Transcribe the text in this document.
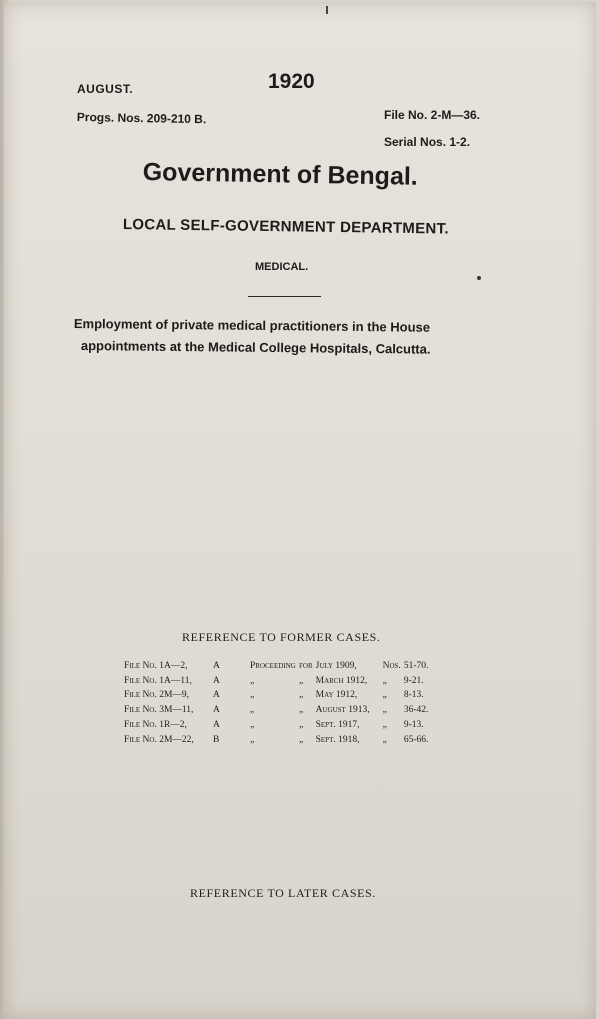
AUGUST.	1920
Progs. Nos. 209-210 B.	File No. 2-M—36.
Serial Nos. 1-2.
Government of Bengal.
LOCAL SELF-GOVERNMENT DEPARTMENT.
MEDICAL.
Employment of private medical practitioners in the House
appointments at the Medical College Hospitals, Calcutta.
REFERENCE TO FORMER CASES.
File No. 1A—2,	A	Proceeding	for	July 1909,	Nos.	51-70.
File No. 1A—11,	A	„	„	March 1912,	„	9-21.
File No. 2M—9,	A	„	„	May 1912,	„	8-13.
File No. 3M—11,	A	„	„	August 1913,	„	36-42.
File No. 1R—2,	A	„	„	Sept. 1917,	„	9-13.
File No. 2M—22,	B	„	„	Sept. 1918,	„	65-66.
REFERENCE TO LATER CASES.
